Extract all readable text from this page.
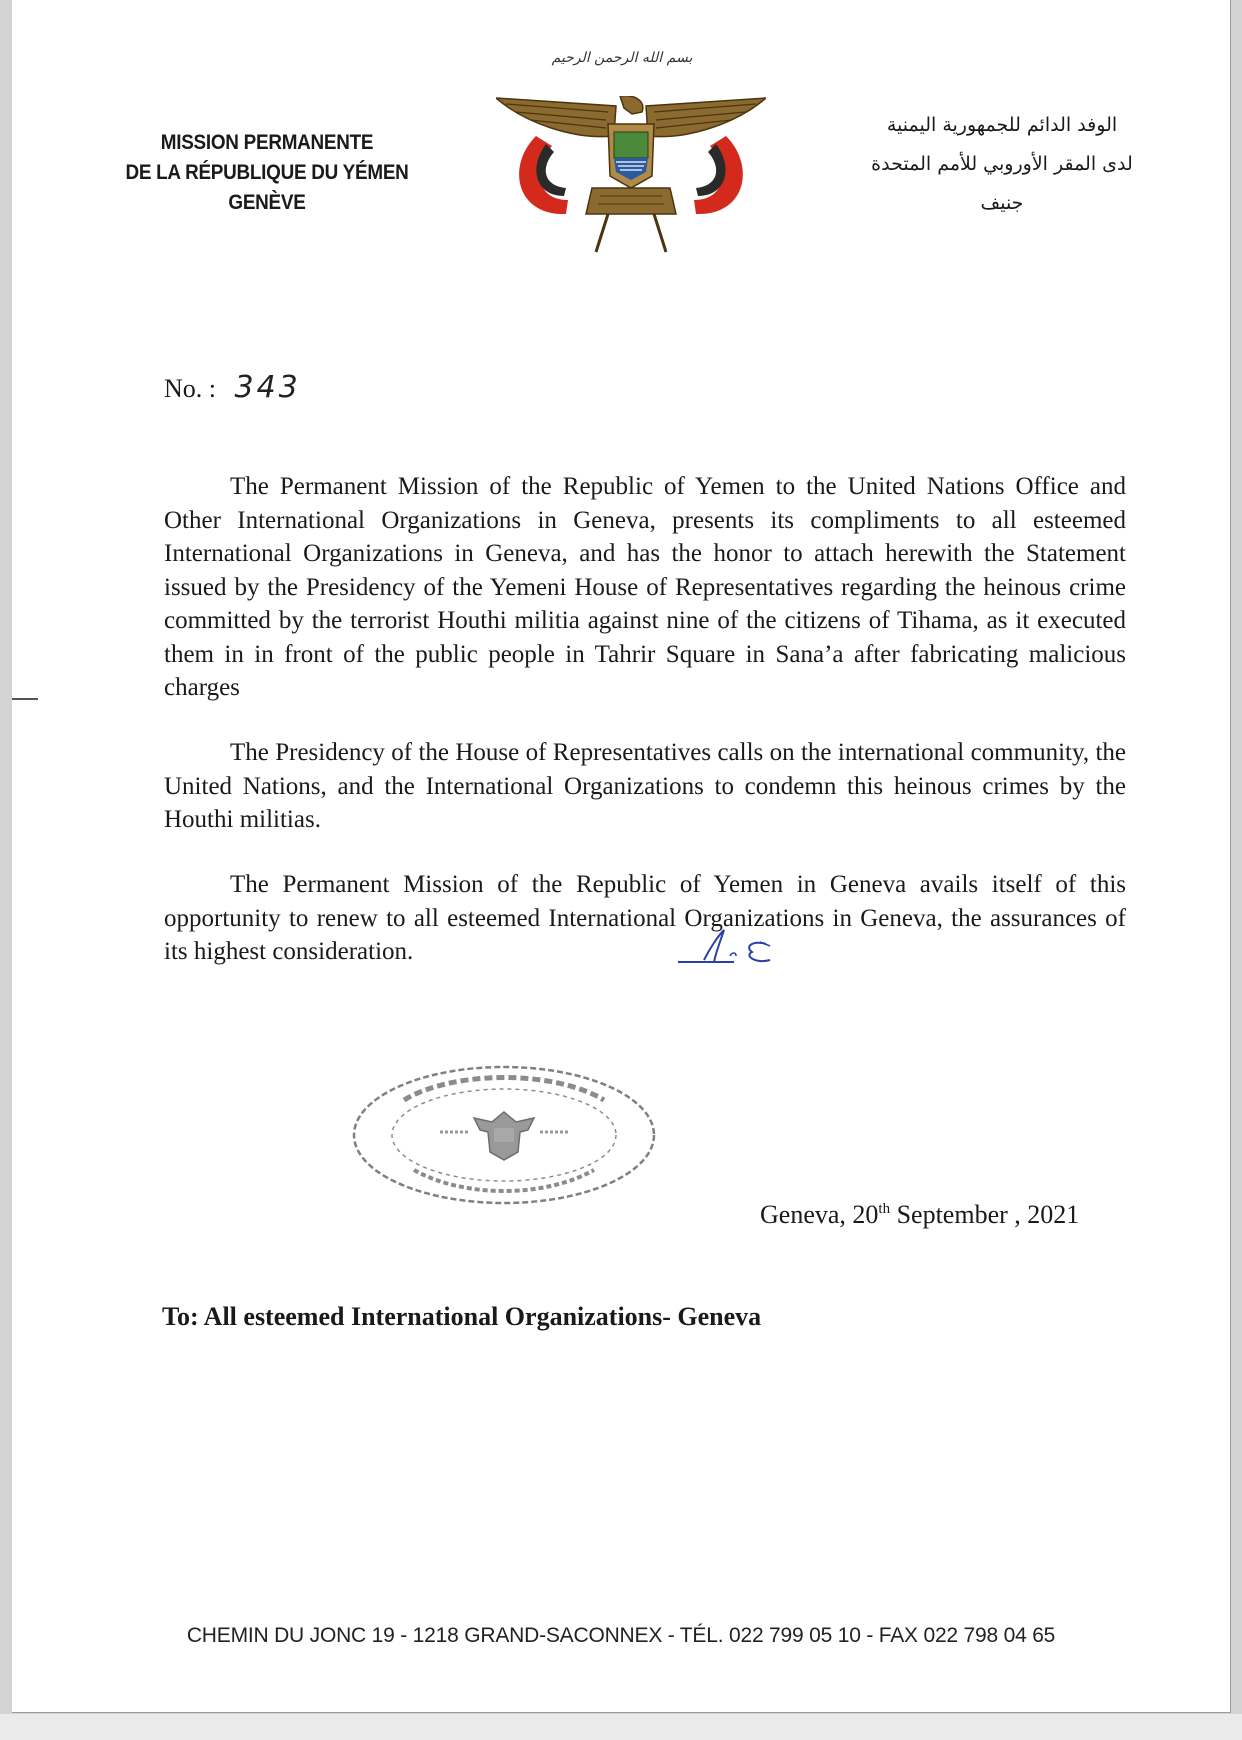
بسم الله الرحمن الرحيم
MISSION PERMANENTE
DE LA RÉPUBLIQUE DU YÉMEN
GENÈVE
الوفد الدائم للجمهورية اليمنية
لدى المقر الأوروبي للأمم المتحدة
جنيف
No. : 343

The Permanent Mission of the Republic of Yemen to the United Nations Office and Other International Organizations in Geneva, presents its compliments to all esteemed International Organizations in Geneva, and has the honor to attach herewith the Statement issued by the Presidency of the Yemeni House of Representatives regarding the heinous crime committed by the terrorist Houthi militia against nine of the citizens of Tihama, as it executed them in in front of the public people in Tahrir Square in Sana’a after fabricating malicious charges

The Presidency of the House of Representatives calls on the international community, the United Nations, and the International Organizations to condemn this heinous crimes by the Houthi militias.

The Permanent Mission of the Republic of Yemen in Geneva avails itself of this opportunity to renew to all esteemed International Organizations in Geneva, the assurances of its highest consideration.

Geneva, 20th September , 2021
To: All esteemed International Organizations- Geneva
CHEMIN DU JONC 19 - 1218 GRAND-SACONNEX - TÉL. 022 799 05 10 - FAX 022 798 04 65
